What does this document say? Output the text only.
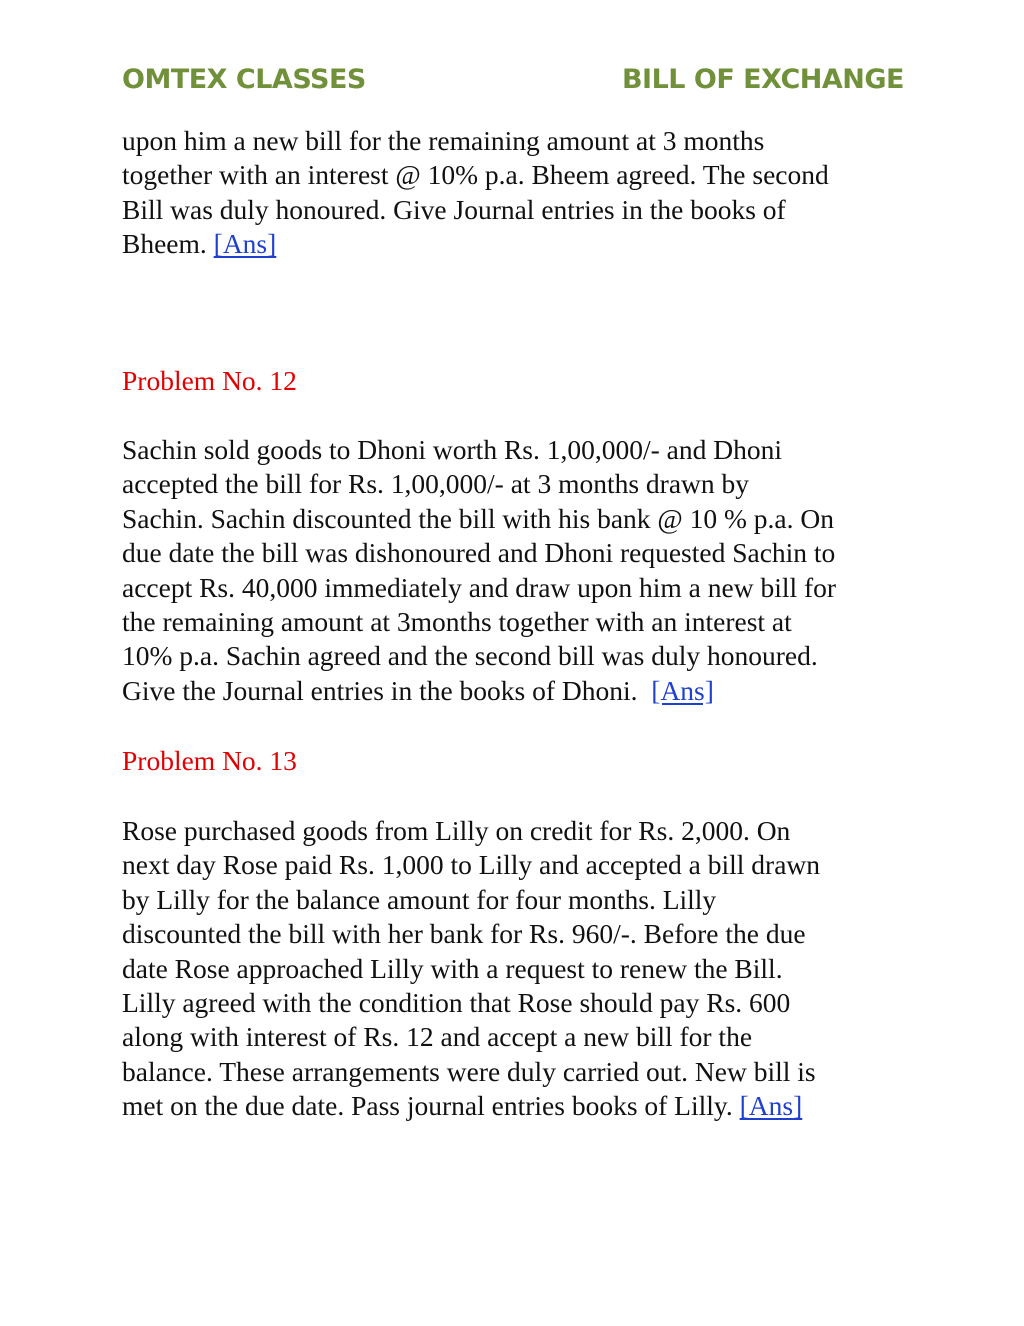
OMTEX CLASSES	BILL OF EXCHANGE

upon him a new bill for the remaining amount at 3 months
together with an interest @ 10% p.a. Bheem agreed. The second
Bill was duly honoured. Give Journal entries in the books of
Bheem. [Ans]

Problem No. 12

Sachin sold goods to Dhoni worth Rs. 1,00,000/- and Dhoni
accepted the bill for Rs. 1,00,000/- at 3 months drawn by
Sachin. Sachin discounted the bill with his bank @ 10 % p.a. On
due date the bill was dishonoured and Dhoni requested Sachin to
accept Rs. 40,000 immediately and draw upon him a new bill for
the remaining amount at 3months together with an interest at
10% p.a. Sachin agreed and the second bill was duly honoured.
Give the Journal entries in the books of Dhoni. [Ans]

Problem No. 13

Rose purchased goods from Lilly on credit for Rs. 2,000. On
next day Rose paid Rs. 1,000 to Lilly and accepted a bill drawn
by Lilly for the balance amount for four months. Lilly
discounted the bill with her bank for Rs. 960/-. Before the due
date Rose approached Lilly with a request to renew the Bill.
Lilly agreed with the condition that Rose should pay Rs. 600
along with interest of Rs. 12 and accept a new bill for the
balance. These arrangements were duly carried out. New bill is
met on the due date. Pass journal entries books of Lilly. [Ans]
